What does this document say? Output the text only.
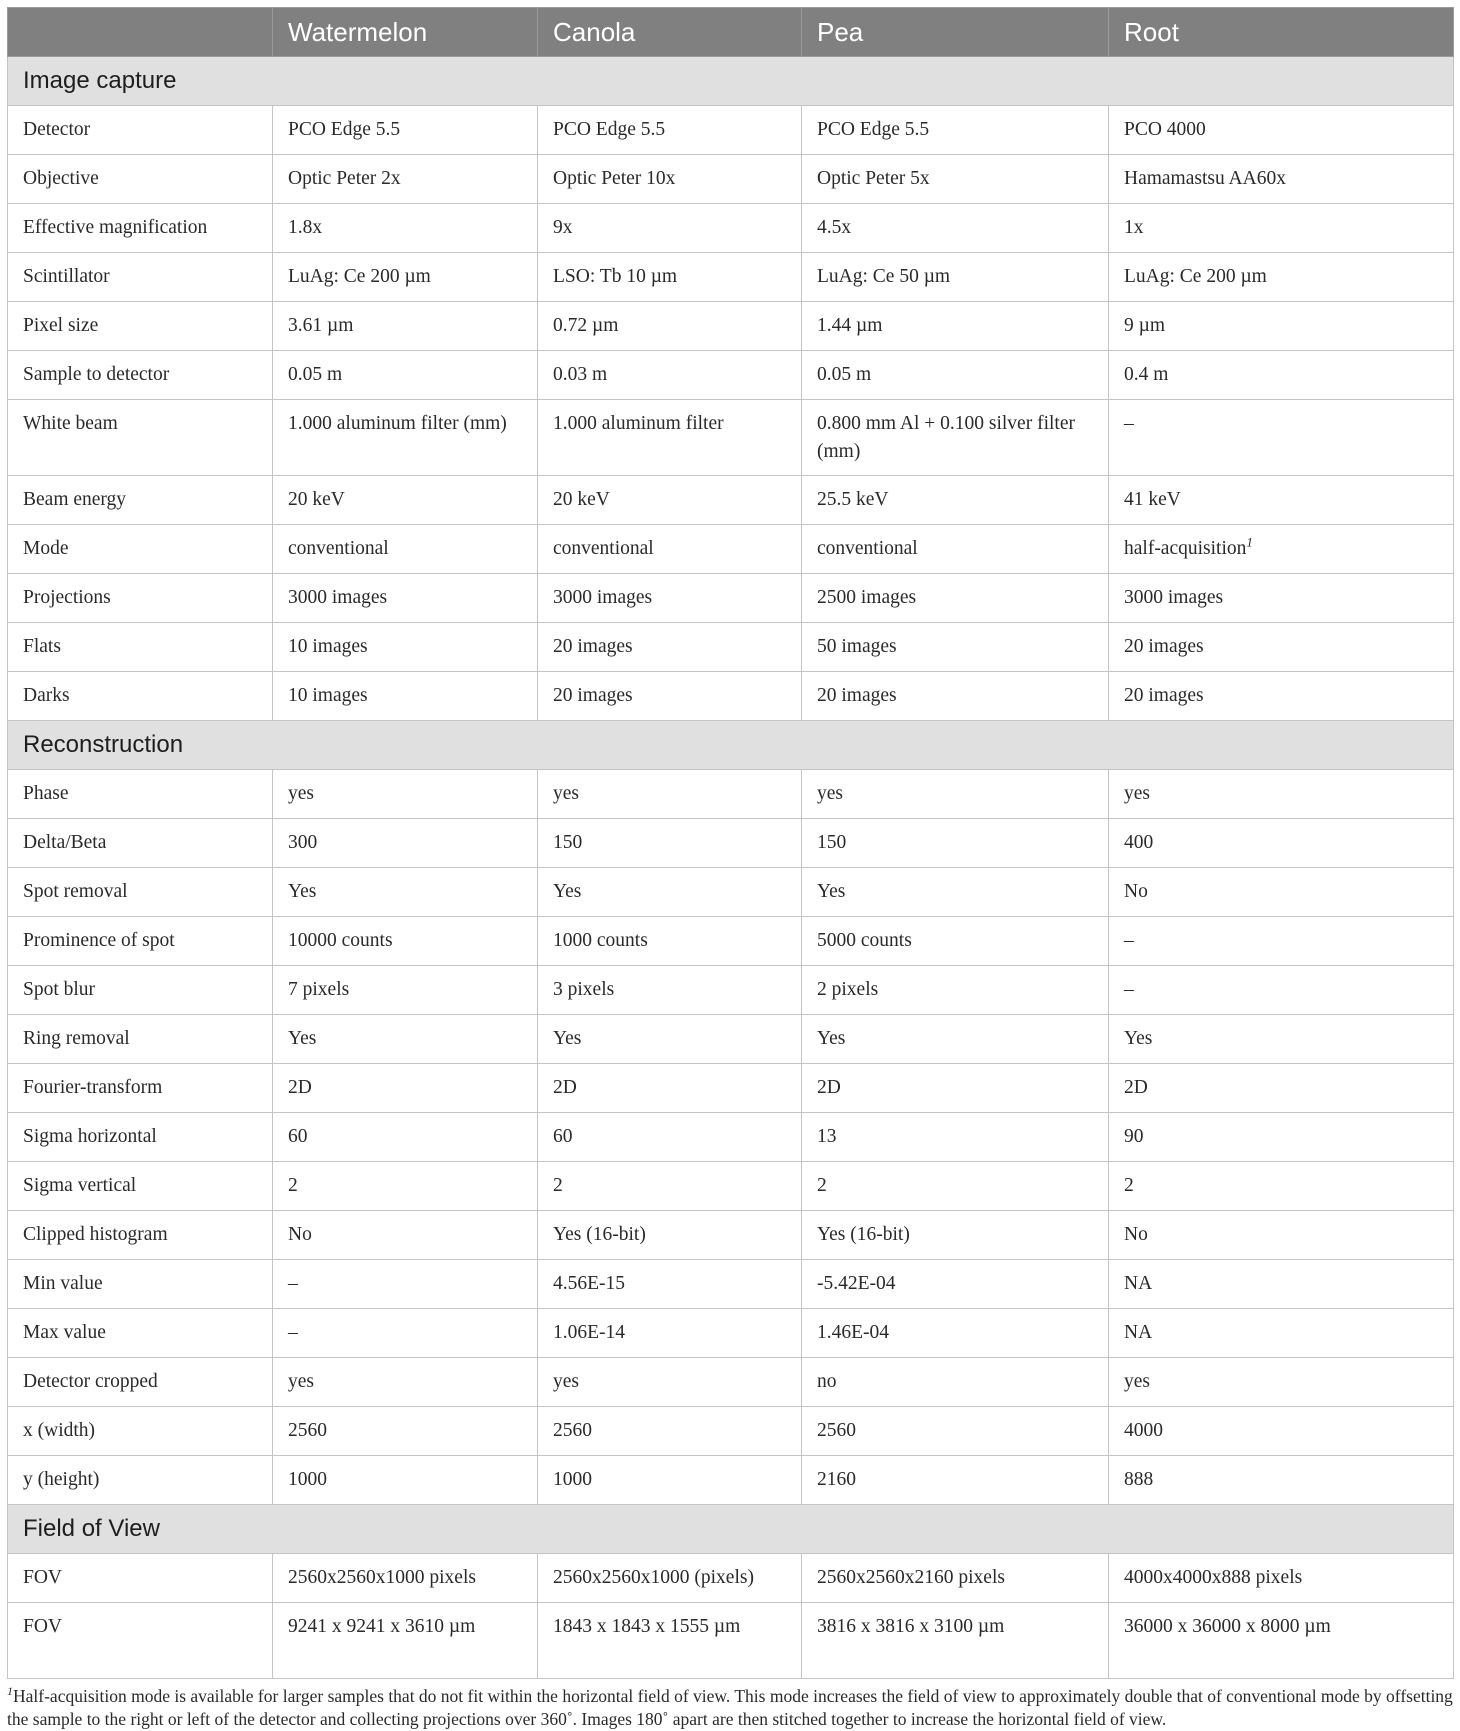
	Watermelon	Canola	Pea	Root
Image capture				
Detector	PCO Edge 5.5	PCO Edge 5.5	PCO Edge 5.5	PCO 4000
Objective	Optic Peter 2x	Optic Peter 10x	Optic Peter 5x	Hamamastsu AA60x
Effective magnification	1.8x	9x	4.5x	1x
Scintillator	LuAg: Ce 200 µm	LSO: Tb 10 µm	LuAg: Ce 50 µm	LuAg: Ce 200 µm
Pixel size	3.61 µm	0.72 µm	1.44 µm	9 µm
Sample to detector	0.05 m	0.03 m	0.05 m	0.4 m
White beam	1.000 aluminum filter (mm)	1.000 aluminum filter	0.800 mm Al + 0.100 silver filter (mm)	–
Beam energy	20 keV	20 keV	25.5 keV	41 keV
Mode	conventional	conventional	conventional	half-acquisition$^1$
Projections	3000 images	3000 images	2500 images	3000 images
Flats	10 images	20 images	50 images	20 images
Darks	10 images	20 images	20 images	20 images
Reconstruction				
Phase	yes	yes	yes	yes
Delta/Beta	300	150	150	400
Spot removal	Yes	Yes	Yes	No
Prominence of spot	10000 counts	1000 counts	5000 counts	–
Spot blur	7 pixels	3 pixels	2 pixels	–
Ring removal	Yes	Yes	Yes	Yes
Fourier-transform	2D	2D	2D	2D
Sigma horizontal	60	60	13	90
Sigma vertical	2	2	2	2
Clipped histogram	No	Yes (16-bit)	Yes (16-bit)	No
Min value	–	4.56E-15	-5.42E-04	NA
Max value	–	1.06E-14	1.46E-04	NA
Detector cropped	yes	yes	no	yes
x (width)	2560	2560	2560	4000
y (height)	1000	1000	2160	888
Field of View				
FOV	2560x2560x1000 pixels	2560x2560x1000 (pixels)	2560x2560x2160 pixels	4000x4000x888 pixels
FOV	9241 x 9241 x 3610 µm	1843 x 1843 x 1555 µm	3816 x 3816 x 3100 µm	36000 x 36000 x 8000 µm
$^1$Half-acquisition mode is available for larger samples that do not fit within the horizontal field of view. This mode increases the field of view to approximately double that of conventional mode by offsetting the sample to the right or left of the detector and collecting projections over 360˚. Images 180˚ apart are then stitched together to increase the horizontal field of view.
